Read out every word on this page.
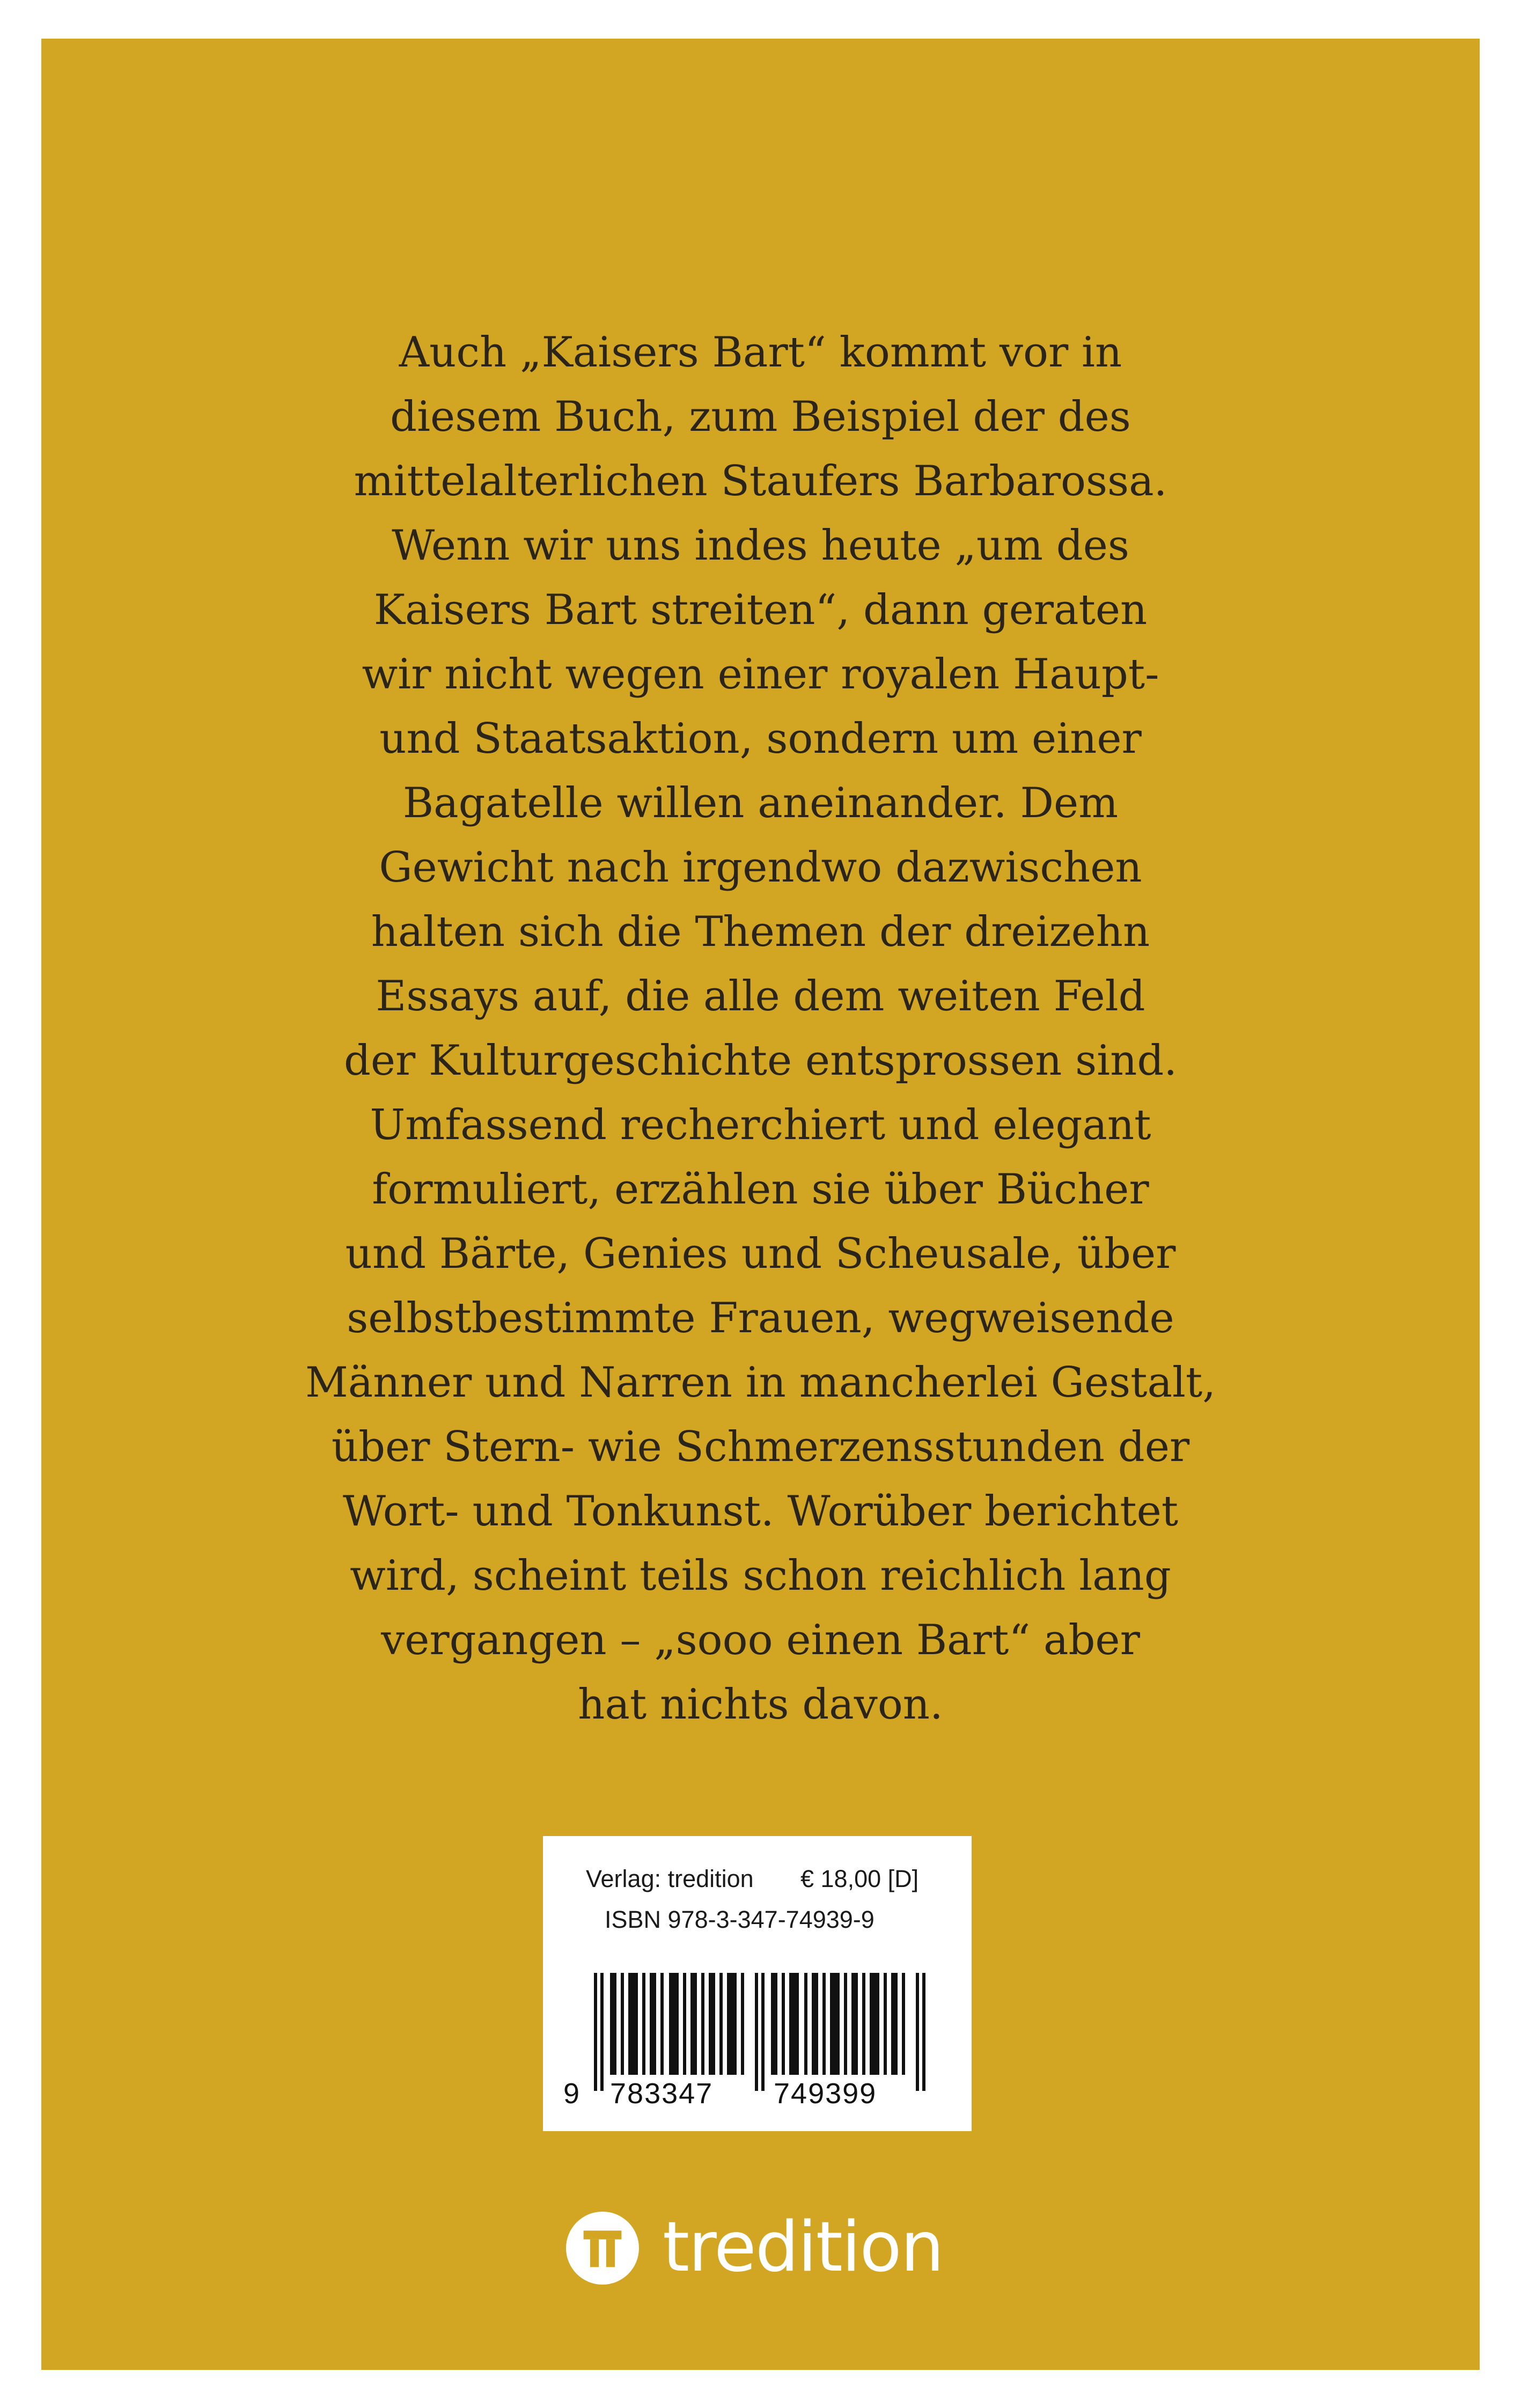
Auch „Kaisers Bart“ kommt vor in
diesem Buch, zum Beispiel der des
mittelalterlichen Staufers Barbarossa.
Wenn wir uns indes heute „um des
Kaisers Bart streiten“, dann geraten
wir nicht wegen einer royalen Haupt-
und Staatsaktion, sondern um einer
Bagatelle willen aneinander. Dem
Gewicht nach irgendwo dazwischen
halten sich die Themen der dreizehn
Essays auf, die alle dem weiten Feld
der Kulturgeschichte entsprossen sind.
Umfassend recherchiert und elegant
formuliert, erzählen sie über Bücher
und Bärte, Genies und Scheusale, über
selbstbestimmte Frauen, wegweisende
Männer und Narren in mancherlei Gestalt,
über Stern- wie Schmerzensstunden der
Wort- und Tonkunst. Worüber berichtet
wird, scheint teils schon reichlich lang
vergangen – „sooo einen Bart“ aber
hat nichts davon.
Verlag: tredition € 18,00 [D]
ISBN 978-3-347-74939-9
9 783347 749399
tredition
